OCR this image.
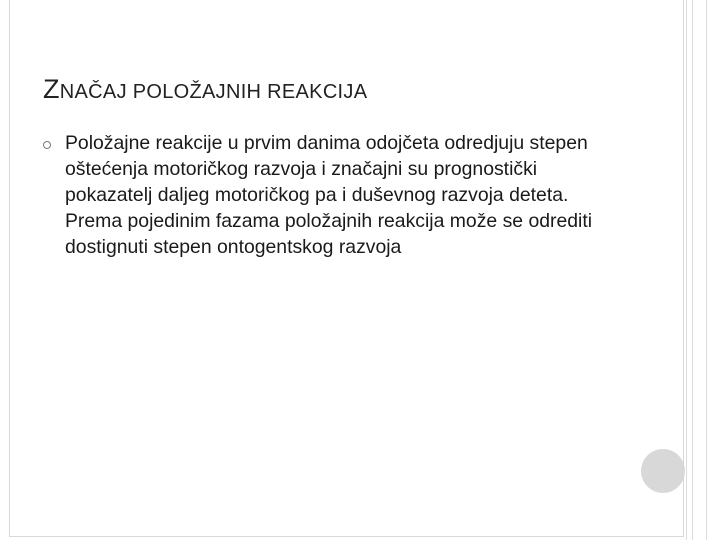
ZNAČAJ POLOŽAJNIH REAKCIJA
Položajne reakcije u prvim danima odojčeta odredjuju stepen oštećenja motoričkog razvoja i značajni su prognostički pokazatelj daljeg motoričkog pa i duševnog razvoja deteta. Prema pojedinim fazama položajnih reakcija može se odrediti dostignuti stepen ontogentskog razvoja
